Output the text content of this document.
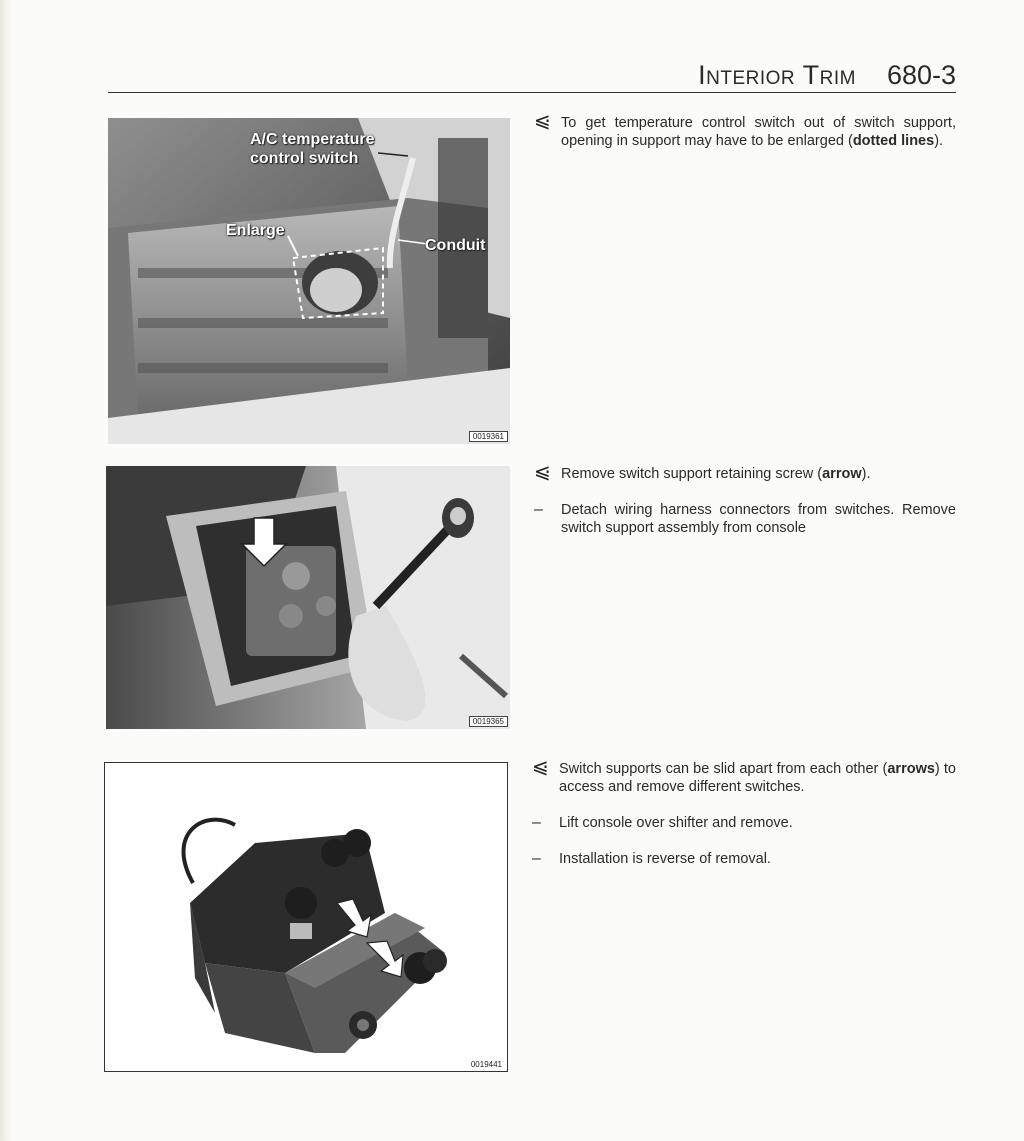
Interior Trim 680-3
A/C temperature
control switch
Enlarge
Conduit
0019361
0019365
0019441
⩿ To get temperature control switch out of switch support, opening in support may have to be enlarged (dotted lines).
⩿ Remove switch support retaining screw (arrow).
– Detach wiring harness connectors from switches. Remove switch support assembly from console
⩿ Switch supports can be slid apart from each other (arrows) to access and remove different switches.
– Lift console over shifter and remove.
– Installation is reverse of removal.
